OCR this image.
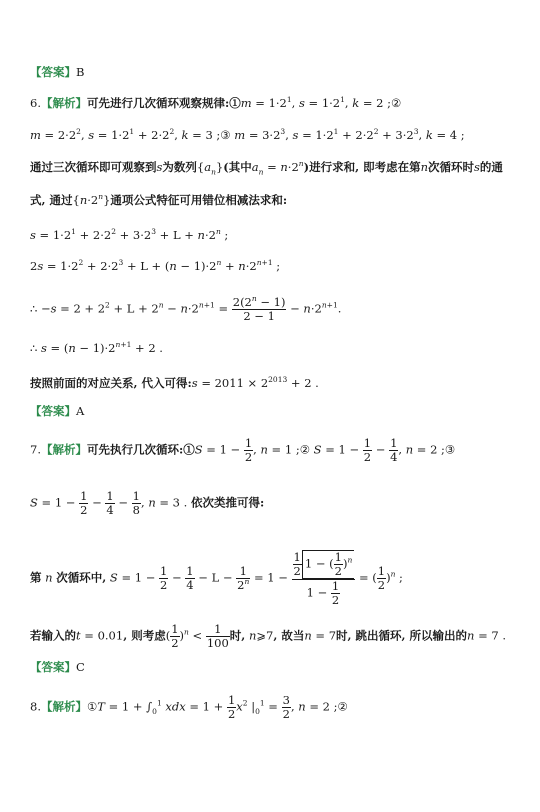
【答案】B
6.【解析】可先进行几次循环观察规律:①m = $1\cdot 2^1$, $s = 1\cdot 2^1$, k = 2 ;②
$m = 2\cdot 2^2$, $s = 1\cdot 2^1 + 2\cdot 2^2$, k = 3 ;③ $m = 3\cdot 2^3$, $s = 1\cdot 2^1 + 2\cdot 2^2 + 3\cdot 2^3$, k = 4 ;
通过三次循环即可观察到s为数列$\{a_n\}$(其中$a_n = n\cdot 2^n$)进行求和, 即考虑在第n次循环时s的通
式, 通过$\{n\cdot 2^n\}$通项公式特征可用错位相减法求和:
$s = 1\cdot 2^1 + 2\cdot 2^2 + 3\cdot 2^3 + L + n\cdot 2^n$ ;
$2s = 1\cdot 2^2 + 2\cdot 2^3 + L + (n - 1)\cdot 2^n + n\cdot 2^{n+1}$ ;
∴ $-s = 2 + 2^2 + L + 2^n - n\cdot 2^{n+1} = \frac{2(2^n - 1)}{2 - 1} - n\cdot 2^{n+1}$.
∴ $s = (n - 1)\cdot 2^{n+1} + 2$ .
按照前面的对应关系, 代入可得:s = $2011 \times 2^{2013} + 2$ .
【答案】A
7.【解析】可先执行几次循环:①S = $1 - \frac{1}{2}$ , n = 1 ;② $S = 1 - \frac{1}{2} - \frac{1}{4}$ , n = 2 ;③
$S = 1 - \frac{1}{2} - \frac{1}{4} - \frac{1}{8}$ , n = 3 . 依次类推可得:
第 n 次循环中, $S = 1 - \frac{1}{2} - \frac{1}{4} - L - \frac{1}{2^n} = 1 - \frac{\frac{1}{2} 1 - ( \frac{1}{2} )^n}{1 - \frac{1}{2}}$ = ( $\frac{1}{2} )^n$ ;
若输入的t = 0.01, 则考虑( $\frac{1}{2} )^n < \frac{1}{100}$ 时, n⩾7, 故当n = 7时, 跳出循环, 所以输出的n = 7 .
【答案】C
8.【解析】①T = $1 + \int_0^1$ xdx = $1 + \frac{1}{2} x^2$ $|_0^1 = \frac{3}{2}$ , n = 2 ;②
